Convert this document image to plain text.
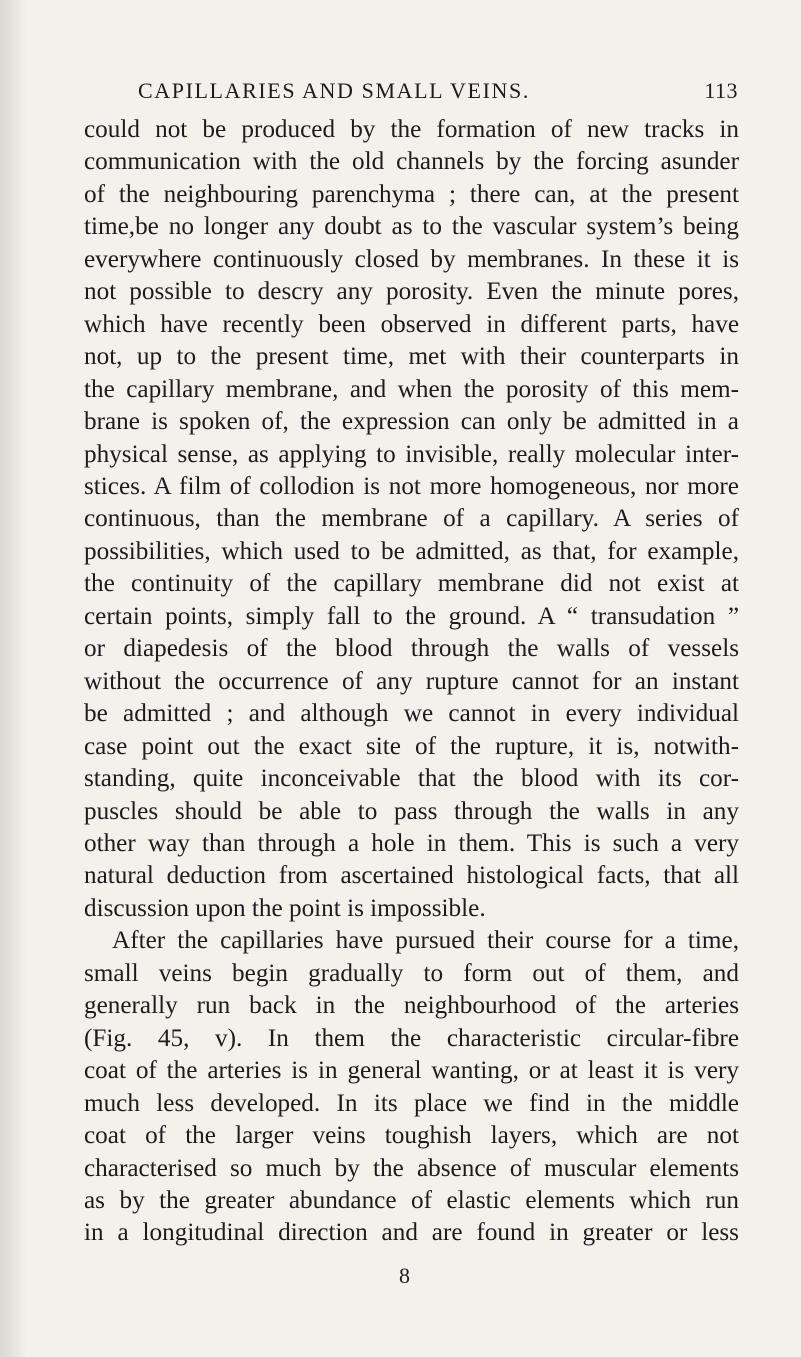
CAPILLARIES AND SMALL VEINS.	113
could not be produced by the formation of new tracks in
communication with the old channels by the forcing asunder
of the neighbouring parenchyma ; there can, at the present
time,be no longer any doubt as to the vascular system’s being
everywhere continuously closed by membranes. In these it is
not possible to descry any porosity. Even the minute pores,
which have recently been observed in different parts, have
not, up to the present time, met with their counterparts in
the capillary membrane, and when the porosity of this mem-
brane is spoken of, the expression can only be admitted in a
physical sense, as applying to invisible, really molecular inter-
stices. A film of collodion is not more homogeneous, nor more
continuous, than the membrane of a capillary. A series of
possibilities, which used to be admitted, as that, for example,
the continuity of the capillary membrane did not exist at
certain points, simply fall to the ground. A “ transudation ”
or diapedesis of the blood through the walls of vessels
without the occurrence of any rupture cannot for an instant
be admitted ; and although we cannot in every individual
case point out the exact site of the rupture, it is, notwith-
standing, quite inconceivable that the blood with its cor-
puscles should be able to pass through the walls in any
other way than through a hole in them. This is such a very
natural deduction from ascertained histological facts, that all
discussion upon the point is impossible.
After the capillaries have pursued their course for a time,
small veins begin gradually to form out of them, and
generally run back in the neighbourhood of the arteries
(Fig. 45, v). In them the characteristic circular-fibre
coat of the arteries is in general wanting, or at least it is very
much less developed. In its place we find in the middle
coat of the larger veins toughish layers, which are not
characterised so much by the absence of muscular elements
as by the greater abundance of elastic elements which run
in a longitudinal direction and are found in greater or less
8
